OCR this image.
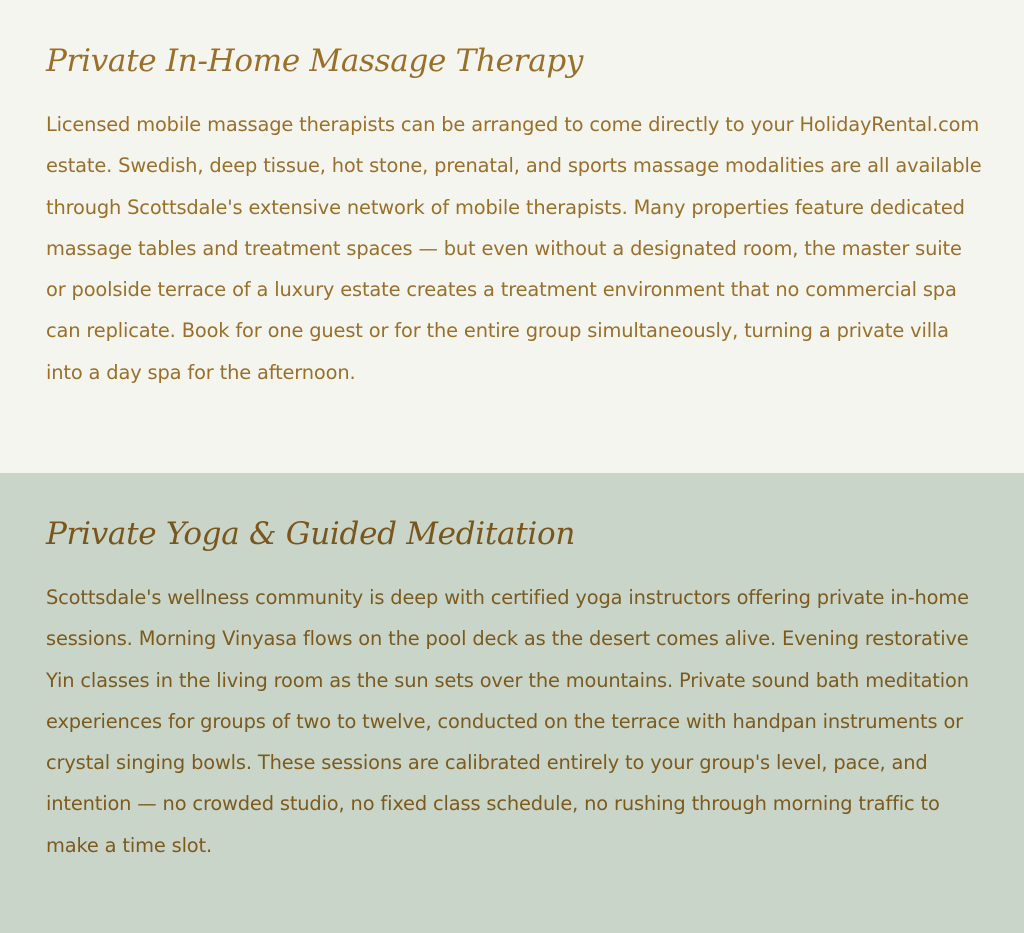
Private In-Home Massage Therapy

Licensed mobile massage therapists can be arranged to come directly to your HolidayRental.com estate. Swedish, deep tissue, hot stone, prenatal, and sports massage modalities are all available through Scottsdale's extensive network of mobile therapists. Many properties feature dedicated massage tables and treatment spaces — but even without a designated room, the master suite or poolside terrace of a luxury estate creates a treatment environment that no commercial spa can replicate. Book for one guest or for the entire group simultaneously, turning a private villa into a day spa for the afternoon.

Private Yoga & Guided Meditation

Scottsdale's wellness community is deep with certified yoga instructors offering private in-home sessions. Morning Vinyasa flows on the pool deck as the desert comes alive. Evening restorative Yin classes in the living room as the sun sets over the mountains. Private sound bath meditation experiences for groups of two to twelve, conducted on the terrace with handpan instruments or crystal singing bowls. These sessions are calibrated entirely to your group's level, pace, and intention — no crowded studio, no fixed class schedule, no rushing through morning traffic to make a time slot.
